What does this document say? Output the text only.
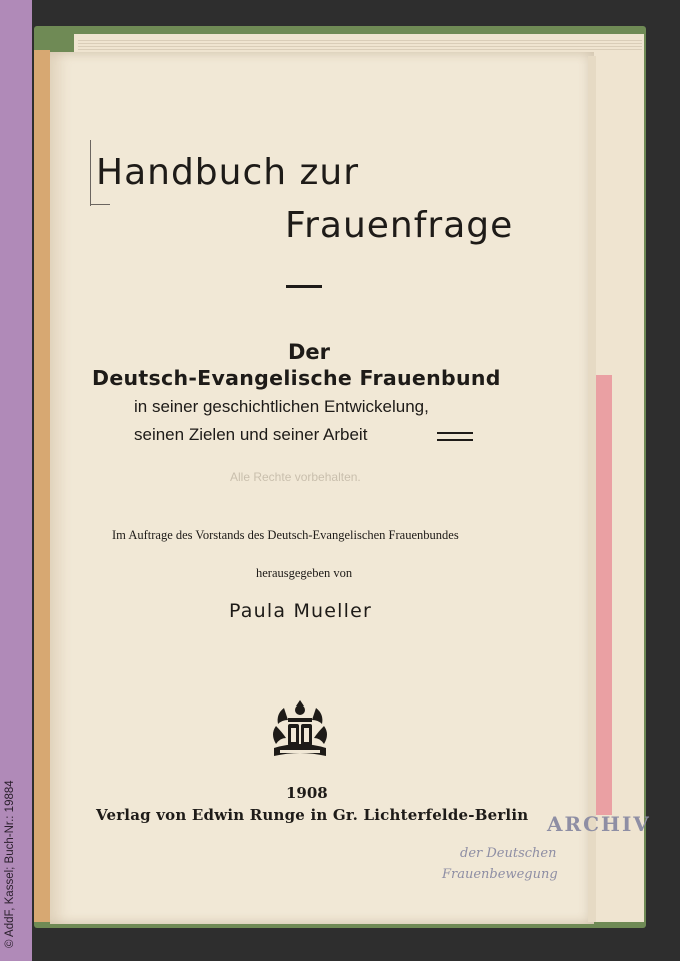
© AddF, Kassel; Buch-Nr.: 19884
Handbuch zur
Frauenfrage
Der
Deutsch-Evangelische Frauenbund
in seiner geschichtlichen Entwickelung,
seinen Zielen und seiner Arbeit
Alle Rechte vorbehalten.
Im Auftrage des Vorstands des Deutsch-Evangelischen Frauenbundes
herausgegeben von
Paula Mueller
1908
Verlag von Edwin Runge in Gr. Lichterfelde-Berlin ARCHIV
der Deutschen
Frauenbewegung
